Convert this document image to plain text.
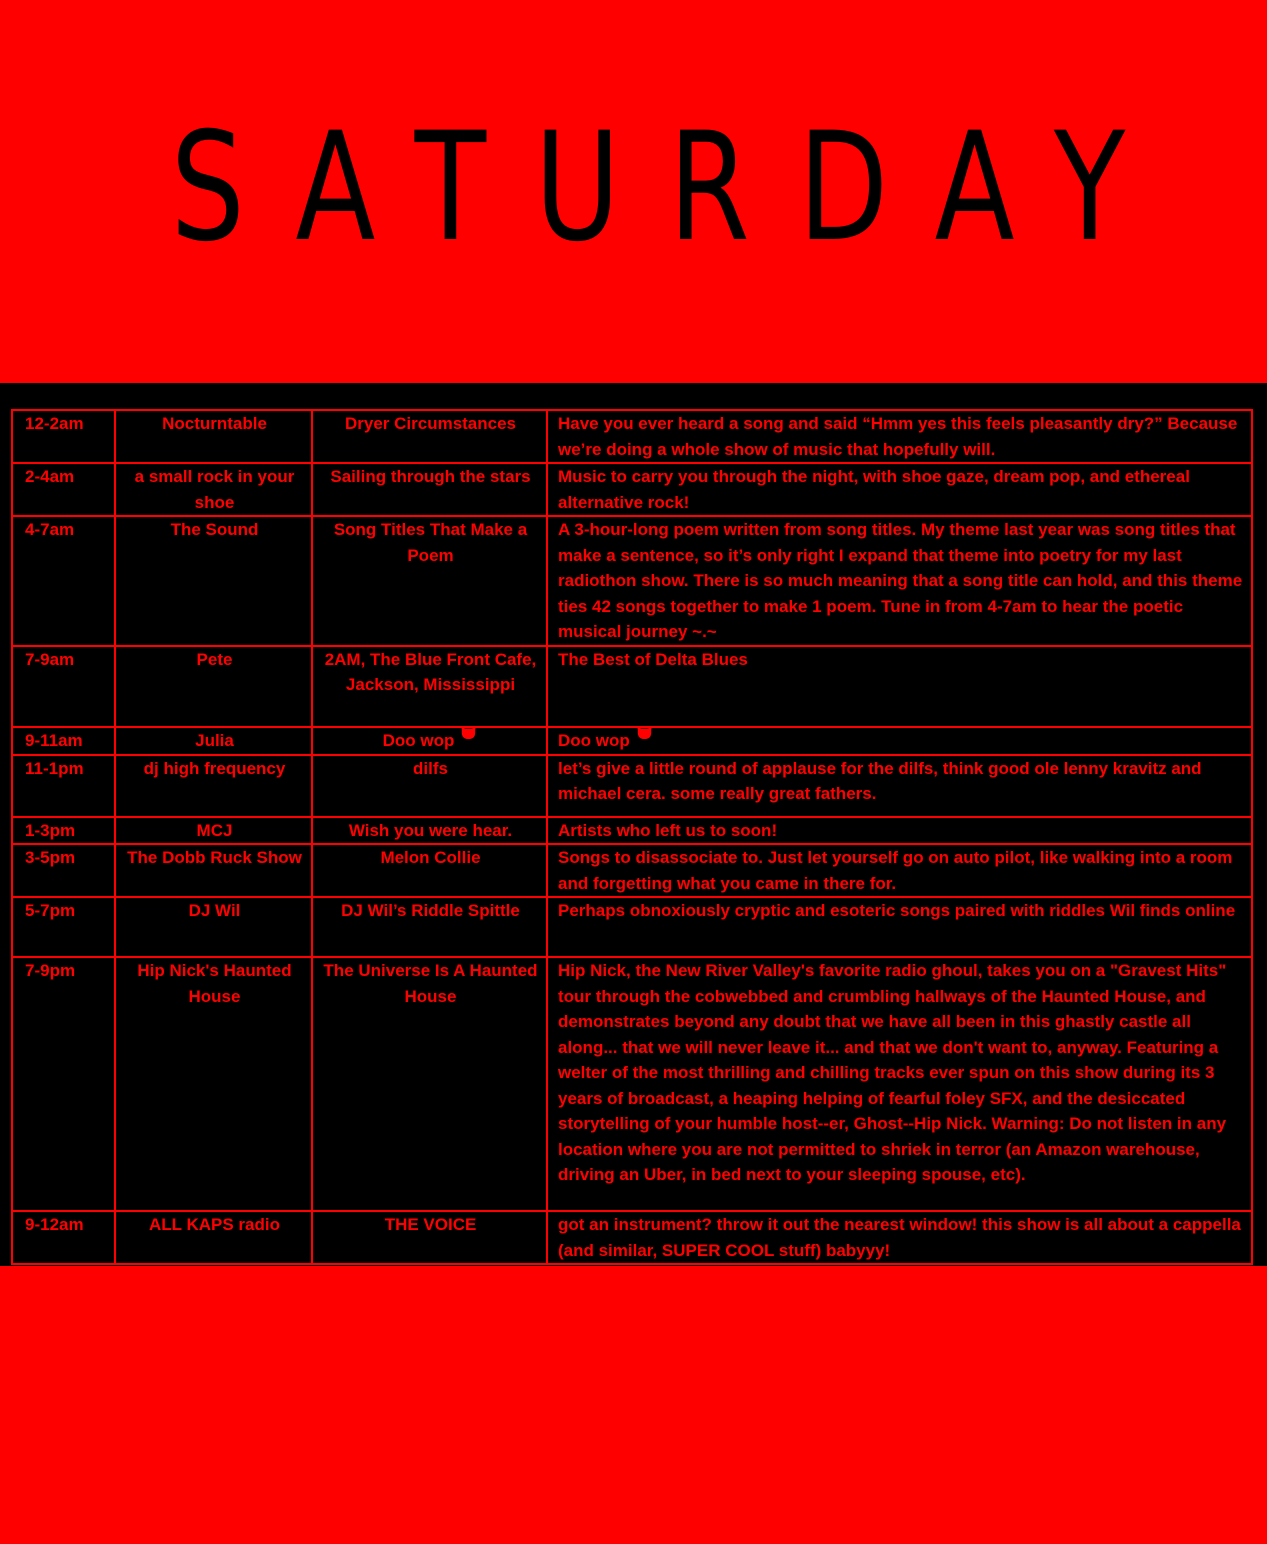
SATURDAY
12-2am	Nocturntable	Dryer Circumstances	Have you ever heard a song and said “Hmm yes this feels pleasantly dry?” Because we’re doing a whole show of music that hopefully will.
2-4am	a small rock in your shoe	Sailing through the stars	Music to carry you through the night, with shoe gaze, dream pop, and ethereal alternative rock!
4-7am	The Sound	Song Titles That Make a Poem	A 3-hour-long poem written from song titles. My theme last year was song titles that make a sentence, so it’s only right I expand that theme into poetry for my last radiothon show. There is so much meaning that a song title can hold, and this theme ties 42 songs together to make 1 poem. Tune in from 4-7am to hear the poetic musical journey ~.~
7-9am	Pete	2AM, The Blue Front Cafe, Jackson, Mississippi	The Best of Delta Blues
9-11am	Julia	Doo wop	Doo wop
11-1pm	dj high frequency	dilfs	let’s give a little round of applause for the dilfs, think good ole lenny kravitz and michael cera. some really great fathers.
1-3pm	MCJ	Wish you were hear.	Artists who left us to soon!
3-5pm	The Dobb Ruck Show	Melon Collie	Songs to disassociate to. Just let yourself go on auto pilot, like walking into a room and forgetting what you came in there for.
5-7pm	DJ Wil	DJ Wil’s Riddle Spittle	Perhaps obnoxiously cryptic and esoteric songs paired with riddles Wil finds online
7-9pm	Hip Nick's Haunted House	The Universe Is A Haunted House	Hip Nick, the New River Valley's favorite radio ghoul, takes you on a "Gravest Hits" tour through the cobwebbed and crumbling hallways of the Haunted House, and demonstrates beyond any doubt that we have all been in this ghastly castle all along... that we will never leave it... and that we don't want to, anyway. Featuring a welter of the most thrilling and chilling tracks ever spun on this show during its 3 years of broadcast, a heaping helping of fearful foley SFX, and the desiccated storytelling of your humble host--er, Ghost--Hip Nick. Warning: Do not listen in any location where you are not permitted to shriek in terror (an Amazon warehouse, driving an Uber, in bed next to your sleeping spouse, etc).
9-12am	ALL KAPS radio	THE VOICE	got an instrument? throw it out the nearest window! this show is all about a cappella (and similar, SUPER COOL stuff) babyyy!
